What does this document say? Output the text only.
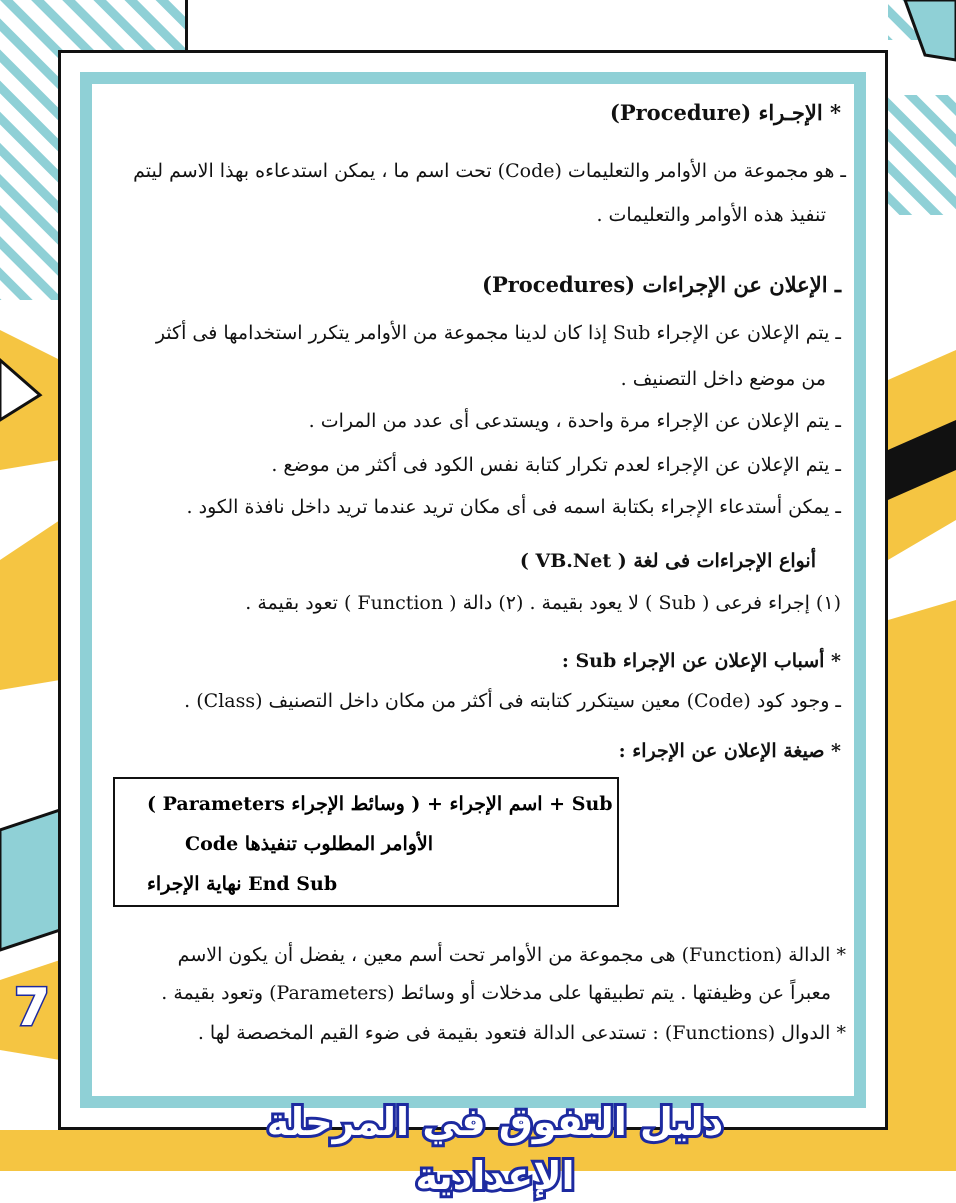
* الإجـراء (Procedure)
ـ هو مجموعة من الأوامر والتعليمات (Code) تحت اسم ما ، يمكن استدعاءه بهذا الاسم ليتم
تنفيذ هذه الأوامر والتعليمات .
ـ الإعلان عن الإجراءات (Procedures)
ـ يتم الإعلان عن الإجراء Sub إذا كان لدينا مجموعة من الأوامر يتكرر استخدامها فى أكثر
من موضع داخل التصنيف .
ـ يتم الإعلان عن الإجراء مرة واحدة ، ويستدعى أى عدد من المرات .
ـ يتم الإعلان عن الإجراء لعدم تكرار كتابة نفس الكود فى أكثر من موضع .
ـ يمكن أستدعاء الإجراء بكتابة اسمه فى أى مكان تريد عندما تريد داخل نافذة الكود .
أنواع الإجراءات فى لغة ( VB.Net )
(١) إجراء فرعى ( Sub ) لا يعود بقيمة . (٢) دالة ( Function ) تعود بقيمة .
* أسباب الإعلان عن الإجراء Sub :
ـ وجود كود (Code) معين سيتكرر كتابته فى أكثر من مكان داخل التصنيف (Class) .
* صيغة الإعلان عن الإجراء :
* الدالة (Function) هى مجموعة من الأوامر تحت أسم معين ، يفضل أن يكون الاسم
معبراً عن وظيفتها . يتم تطبيقها على مدخلات أو وسائط (Parameters) وتعود بقيمة .
* الدوال (Functions) : تستدعى الدالة فتعود بقيمة فى ضوء القيم المخصصة لها .
Sub + اسم الإجراء + ( وسائط الإجراء Parameters )
الأوامر المطلوب تنفيذها Code
End Sub نهاية الإجراء
7
دليل التفوق في المرحلة الإعدادية
